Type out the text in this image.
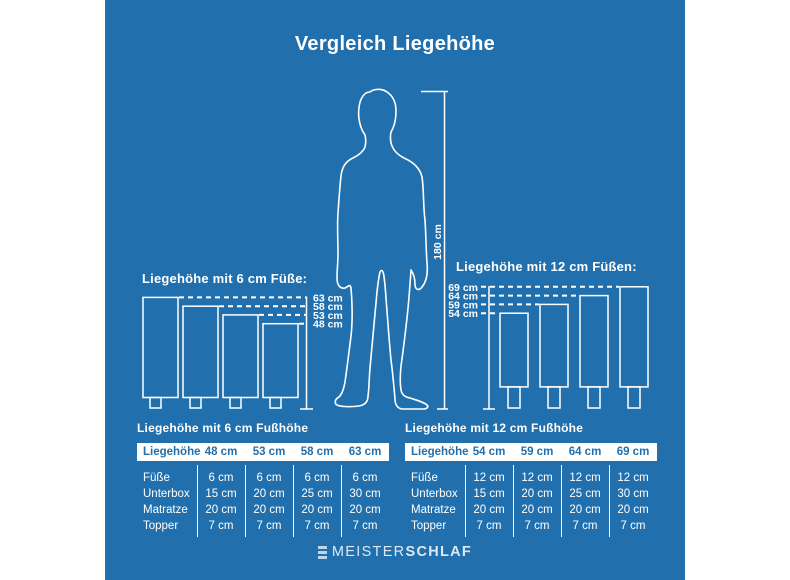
Vergleich Liegehöhe
Liegehöhe mit 6 cm Füße:
Liegehöhe mit 12 cm Füßen:
180 cm
63 cm
58 cm
53 cm
48 cm
69 cm
64 cm
59 cm
54 cm
Liegehöhe mit 6 cm Fußhöhe
Liegehöhe 48 cm	53 cm	58 cm	63 cm
Füße	6 cm	6 cm	6 cm	6 cm
Unterbox	15 cm	20 cm	25 cm	30 cm
Matratze	20 cm	20 cm	20 cm	20 cm
Topper	7 cm	7 cm	7 cm	7 cm
Liegehöhe mit 12 cm Fußhöhe
Liegehöhe 54 cm	59 cm	64 cm	69 cm
Füße	12 cm	12 cm	12 cm	12 cm
Unterbox	15 cm	20 cm	25 cm	30 cm
Matratze	20 cm	20 cm	20 cm	20 cm
Topper	7 cm	7 cm	7 cm	7 cm
MEISTERSCHLAF
